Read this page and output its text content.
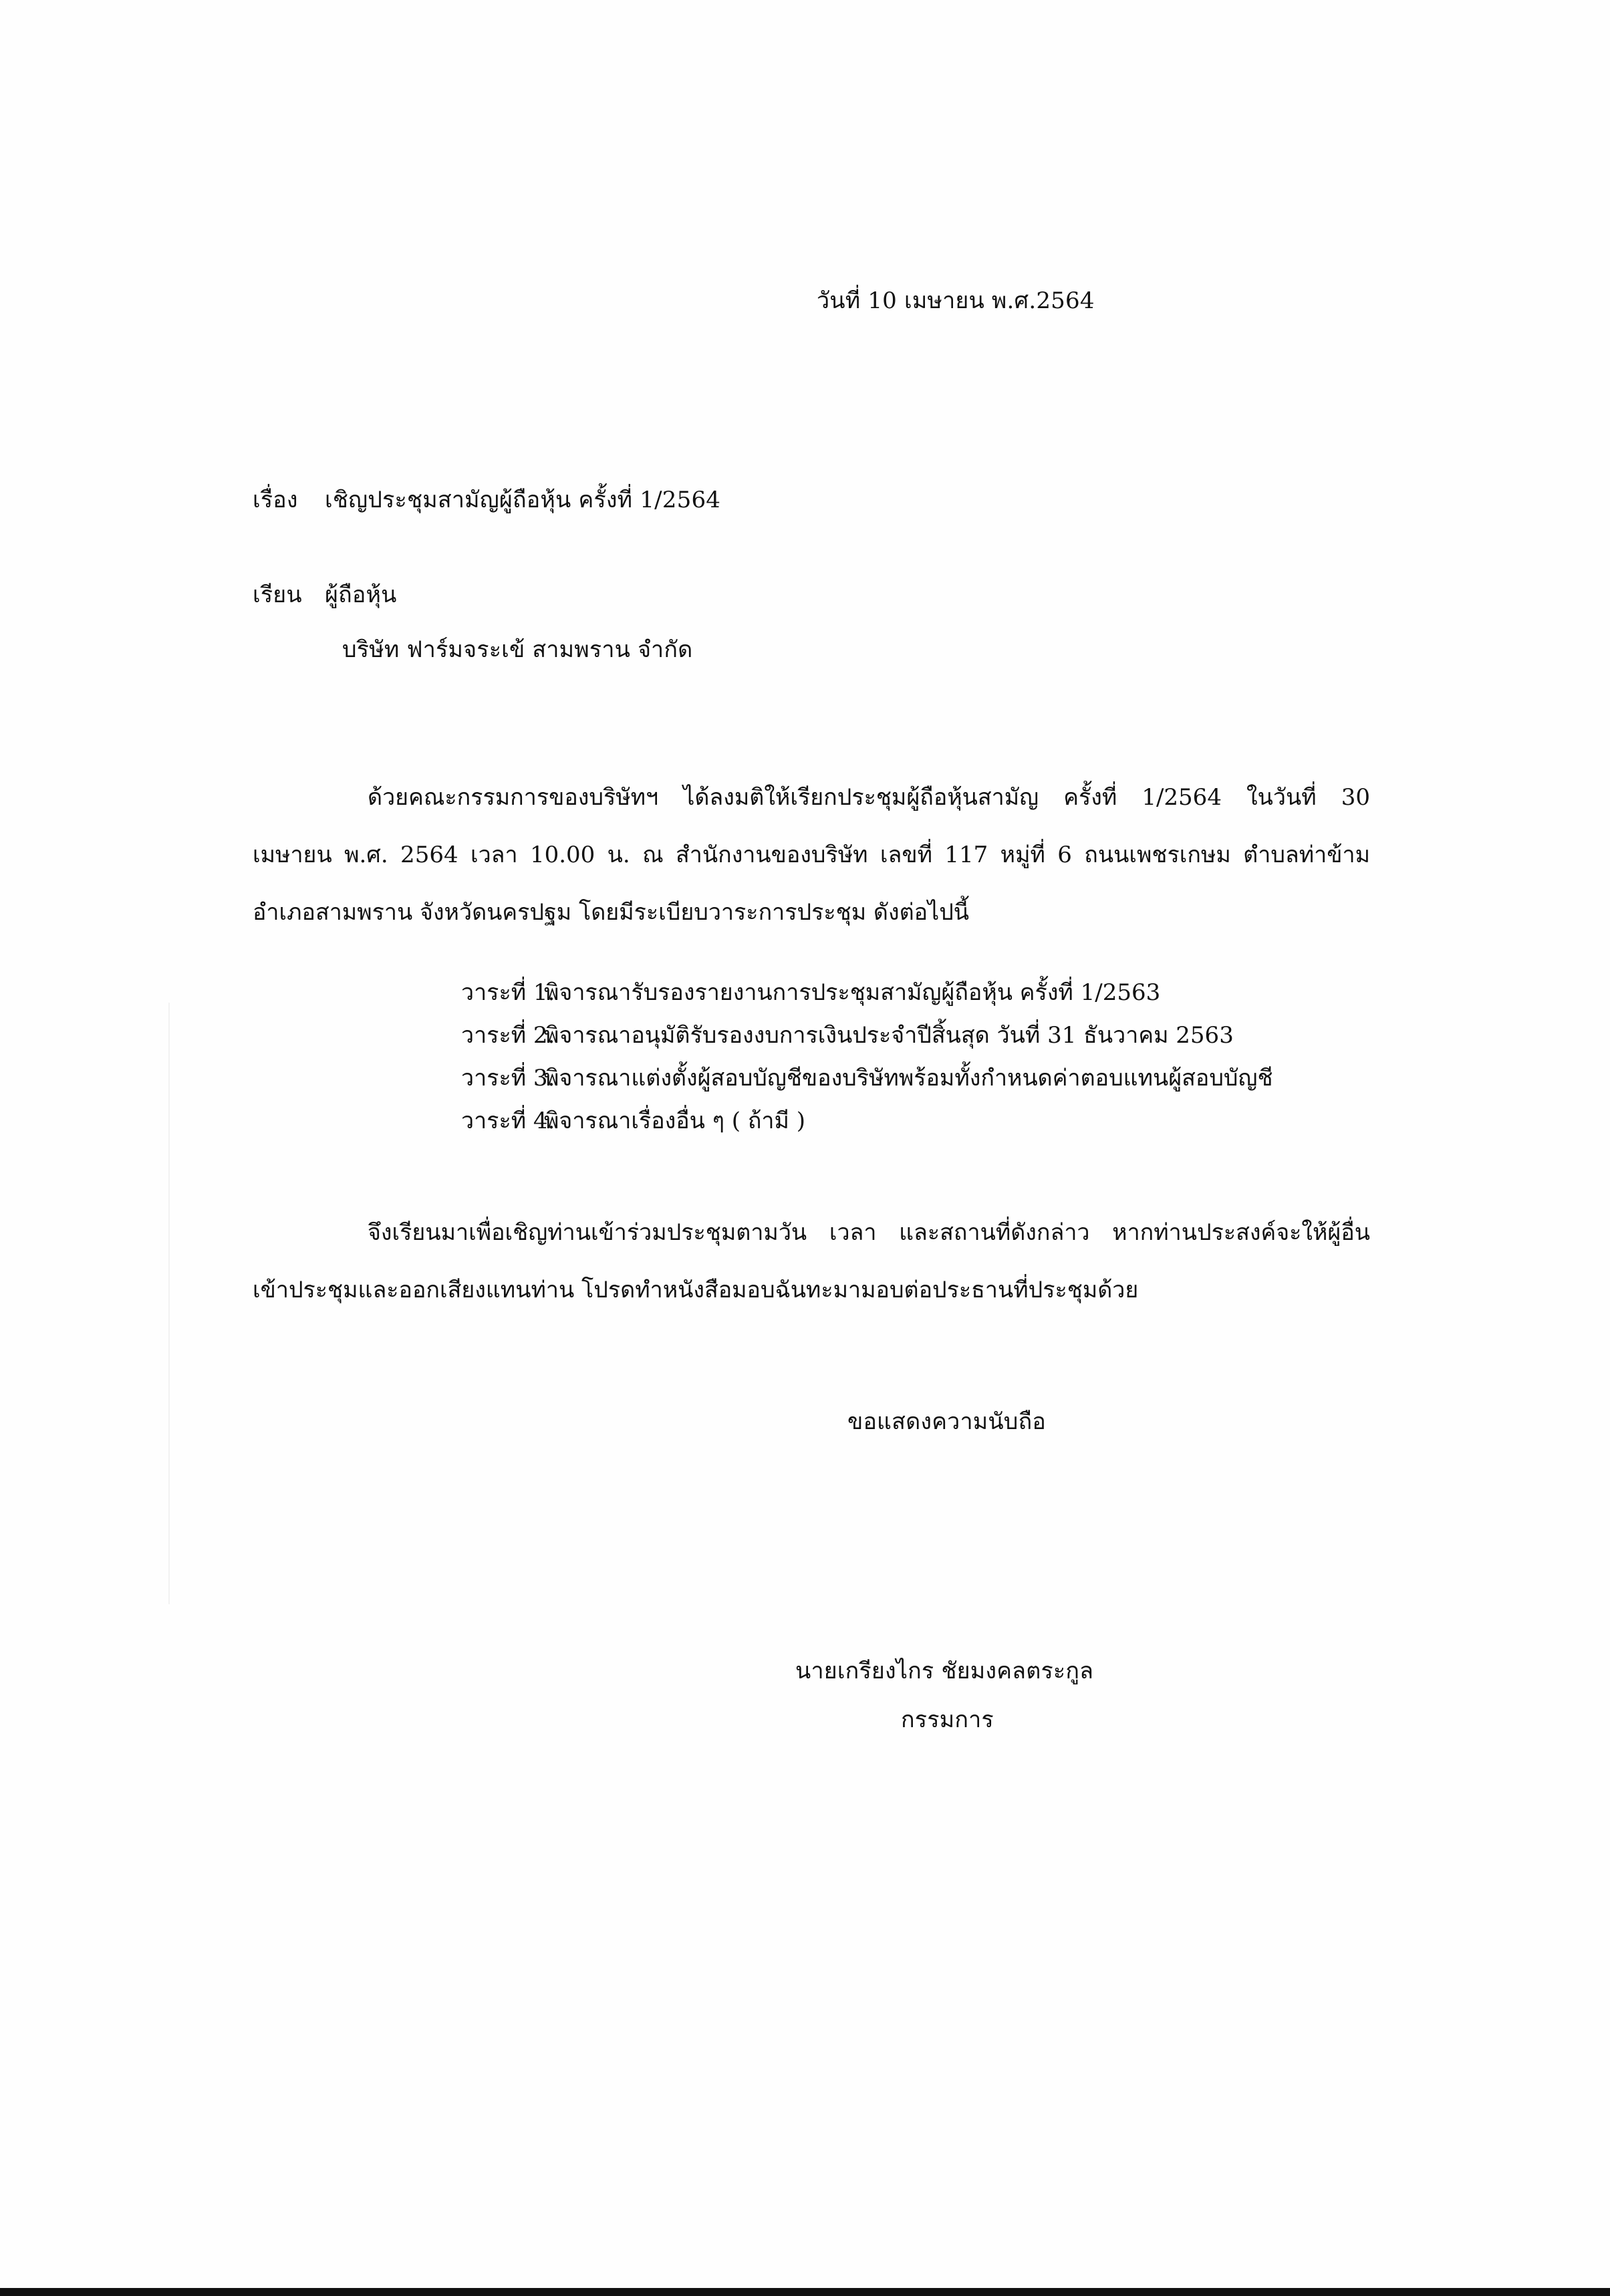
วันที่ 10 เมษายน พ.ศ.2564
เรื่อง เชิญประชุมสามัญผู้ถือหุ้น ครั้งที่ 1/2564
เรียน ผู้ถือหุ้น
บริษัท ฟาร์มจระเข้ สามพราน จำกัด
ด้วยคณะกรรมการของบริษัทฯ ได้ลงมติให้เรียกประชุมผู้ถือหุ้นสามัญ ครั้งที่ 1/2564 ในวันที่ 30
เมษายน พ.ศ. 2564 เวลา 10.00 น. ณ สำนักงานของบริษัท เลขที่ 117 หมู่ที่ 6 ถนนเพชรเกษม ตำบลท่าข้าม
อำเภอสามพราน จังหวัดนครปฐม โดยมีระเบียบวาระการประชุม ดังต่อไปนี้
วาระที่ 1.พิจารณารับรองรายงานการประชุมสามัญผู้ถือหุ้น ครั้งที่ 1/2563
วาระที่ 2.พิจารณาอนุมัติรับรองงบการเงินประจำปีสิ้นสุด วันที่ 31 ธันวาคม 2563
วาระที่ 3.พิจารณาแต่งตั้งผู้สอบบัญชีของบริษัทพร้อมทั้งกำหนดค่าตอบแทนผู้สอบบัญชี
วาระที่ 4.พิจารณาเรื่องอื่น ๆ ( ถ้ามี )
จึงเรียนมาเพื่อเชิญท่านเข้าร่วมประชุมตามวัน เวลา และสถานที่ดังกล่าว หากท่านประสงค์จะให้ผู้อื่น
เข้าประชุมและออกเสียงแทนท่าน โปรดทำหนังสือมอบฉันทะมามอบต่อประธานที่ประชุมด้วย
ขอแสดงความนับถือ
นายเกรียงไกร ชัยมงคลตระกูล
กรรมการ
